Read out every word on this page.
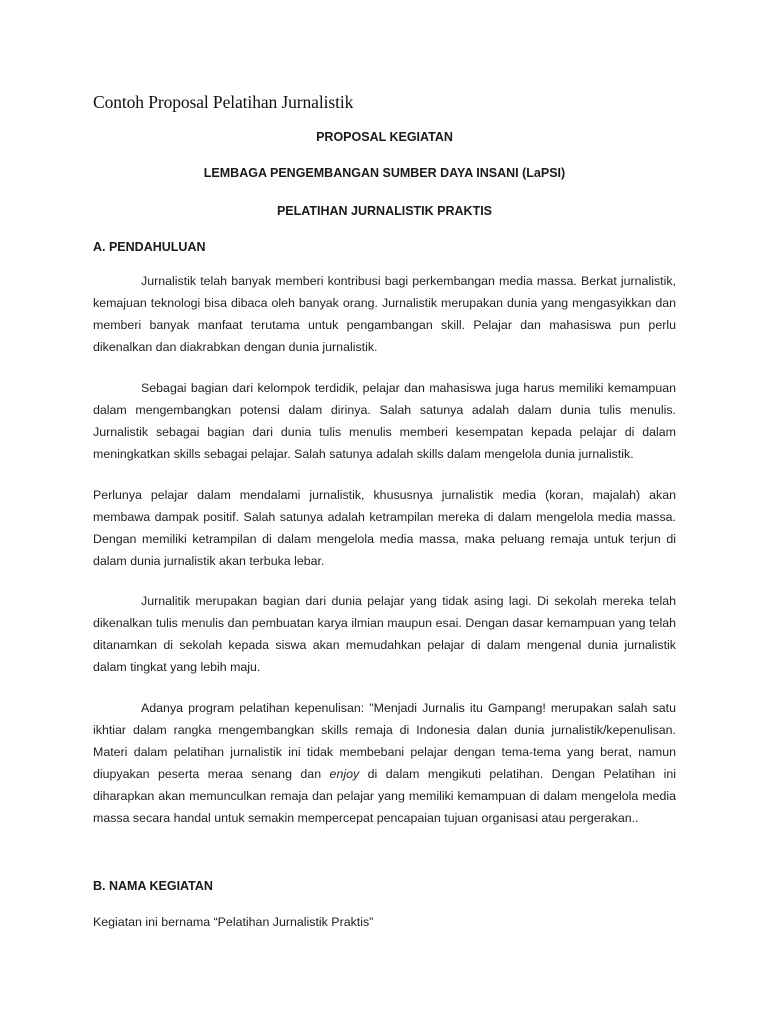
Contoh Proposal Pelatihan Jurnalistik
PROPOSAL KEGIATAN
LEMBAGA PENGEMBANGAN SUMBER DAYA INSANI (LaPSI)
PELATIHAN JURNALISTIK PRAKTIS
A. PENDAHULUAN

Jurnalistik telah banyak memberi kontribusi bagi perkembangan media massa. Berkat jurnalistik, kemajuan teknologi bisa dibaca oleh banyak orang. Jurnalistik merupakan dunia yang mengasyikkan dan memberi banyak manfaat terutama untuk pengambangan skill. Pelajar dan mahasiswa pun perlu dikenalkan dan diakrabkan dengan dunia jurnalistik.

Sebagai bagian dari kelompok terdidik, pelajar dan mahasiswa juga harus memiliki kemampuan dalam mengembangkan potensi dalam dirinya. Salah satunya adalah dalam dunia tulis menulis. Jurnalistik sebagai bagian dari dunia tulis menulis memberi kesempatan kepada pelajar di dalam meningkatkan skills sebagai pelajar. Salah satunya adalah skills dalam mengelola dunia jurnalistik.

Perlunya pelajar dalam mendalami jurnalistik, khususnya jurnalistik media (koran, majalah) akan membawa dampak positif. Salah satunya adalah ketrampilan mereka di dalam mengelola media massa. Dengan memiliki ketrampilan di dalam mengelola media massa, maka peluang remaja untuk terjun di dalam dunia jurnalistik akan terbuka lebar.

Jurnalitik merupakan bagian dari dunia pelajar yang tidak asing lagi. Di sekolah mereka telah dikenalkan tulis menulis dan pembuatan karya ilmian maupun esai. Dengan dasar kemampuan yang telah ditanamkan di sekolah kepada siswa akan memudahkan pelajar di dalam mengenal dunia jurnalistik dalam tingkat yang lebih maju.

Adanya program pelatihan kepenulisan: "Menjadi Jurnalis itu Gampang! merupakan salah satu ikhtiar dalam rangka mengembangkan skills remaja di Indonesia dalan dunia jurnalistik/kepenulisan. Materi dalam pelatihan jurnalistik ini tidak membebani pelajar dengan tema-tema yang berat, namun diupyakan peserta meraa senang dan enjoy di dalam mengikuti pelatihan. Dengan Pelatihan ini diharapkan akan memunculkan remaja dan pelajar yang memiliki kemampuan di dalam mengelola media massa secara handal untuk semakin mempercepat pencapaian tujuan organisasi atau pergerakan..

B. NAMA KEGIATAN
Kegiatan ini bernama “Pelatihan Jurnalistik Praktis”
